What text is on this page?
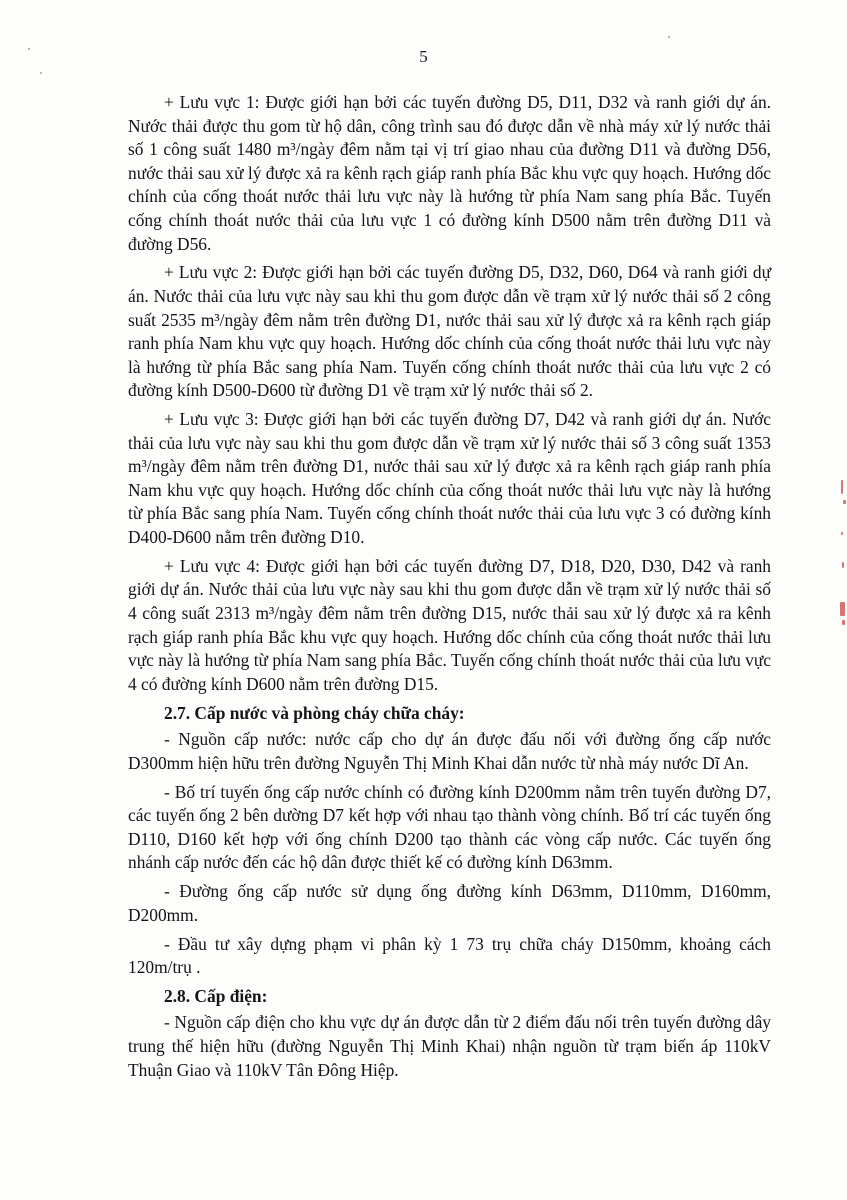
5

+ Lưu vực 1: Được giới hạn bởi các tuyến đường D5, D11, D32 và ranh giới dự án. Nước thải được thu gom từ hộ dân, công trình sau đó được dẫn về nhà máy xử lý nước thải số 1 công suất 1480 m³/ngày đêm nằm tại vị trí giao nhau của đường D11 và đường D56, nước thải sau xử lý được xả ra kênh rạch giáp ranh phía Bắc khu vực quy hoạch. Hướng dốc chính của cống thoát nước thải lưu vực này là hướng từ phía Nam sang phía Bắc. Tuyến cống chính thoát nước thải của lưu vực 1 có đường kính D500 nằm trên đường D11 và đường D56.

+ Lưu vực 2: Được giới hạn bởi các tuyến đường D5, D32, D60, D64 và ranh giới dự án. Nước thải của lưu vực này sau khi thu gom được dẫn về trạm xử lý nước thải số 2 công suất 2535 m³/ngày đêm nằm trên đường D1, nước thải sau xử lý được xả ra kênh rạch giáp ranh phía Nam khu vực quy hoạch. Hướng dốc chính của cống thoát nước thải lưu vực này là hướng từ phía Bắc sang phía Nam. Tuyến cống chính thoát nước thải của lưu vực 2 có đường kính D500-D600 từ đường D1 về trạm xử lý nước thải số 2.

+ Lưu vực 3: Được giới hạn bởi các tuyến đường D7, D42 và ranh giới dự án. Nước thải của lưu vực này sau khi thu gom được dẫn về trạm xử lý nước thải số 3 công suất 1353 m³/ngày đêm nằm trên đường D1, nước thải sau xử lý được xả ra kênh rạch giáp ranh phía Nam khu vực quy hoạch. Hướng dốc chính của cống thoát nước thải lưu vực này là hướng từ phía Bắc sang phía Nam. Tuyến cống chính thoát nước thải của lưu vực 3 có đường kính D400-D600 nằm trên đường D10.

+ Lưu vực 4: Được giới hạn bởi các tuyến đường D7, D18, D20, D30, D42 và ranh giới dự án. Nước thải của lưu vực này sau khi thu gom được dẫn về trạm xử lý nước thải số 4 công suất 2313 m³/ngày đêm nằm trên đường D15, nước thải sau xử lý được xả ra kênh rạch giáp ranh phía Bắc khu vực quy hoạch. Hướng dốc chính của cống thoát nước thải lưu vực này là hướng từ phía Nam sang phía Bắc. Tuyến cống chính thoát nước thải của lưu vực 4 có đường kính D600 nằm trên đường D15.

2.7. Cấp nước và phòng cháy chữa cháy:

- Nguồn cấp nước: nước cấp cho dự án được đấu nối với đường ống cấp nước D300mm hiện hữu trên đường Nguyễn Thị Minh Khai dẫn nước từ nhà máy nước Dĩ An.

- Bố trí tuyến ống cấp nước chính có đường kính D200mm nằm trên tuyến đường D7, các tuyến ống 2 bên dường D7 kết hợp với nhau tạo thành vòng chính. Bố trí các tuyến ống D110, D160 kết hợp với ống chính D200 tạo thành các vòng cấp nước. Các tuyến ống nhánh cấp nước đến các hộ dân được thiết kế có đường kính D63mm.

- Đường ống cấp nước sử dụng ống đường kính D63mm, D110mm, D160mm, D200mm.

- Đầu tư xây dựng phạm vi phân kỳ 1 73 trụ chữa cháy D150mm, khoảng cách 120m/trụ .

2.8. Cấp điện:

- Nguồn cấp điện cho khu vực dự án được dẫn từ 2 điểm đấu nối trên tuyến đường dây trung thế hiện hữu (đường Nguyễn Thị Minh Khai) nhận nguồn từ trạm biến áp 110kV Thuận Giao và 110kV Tân Đông Hiệp.
